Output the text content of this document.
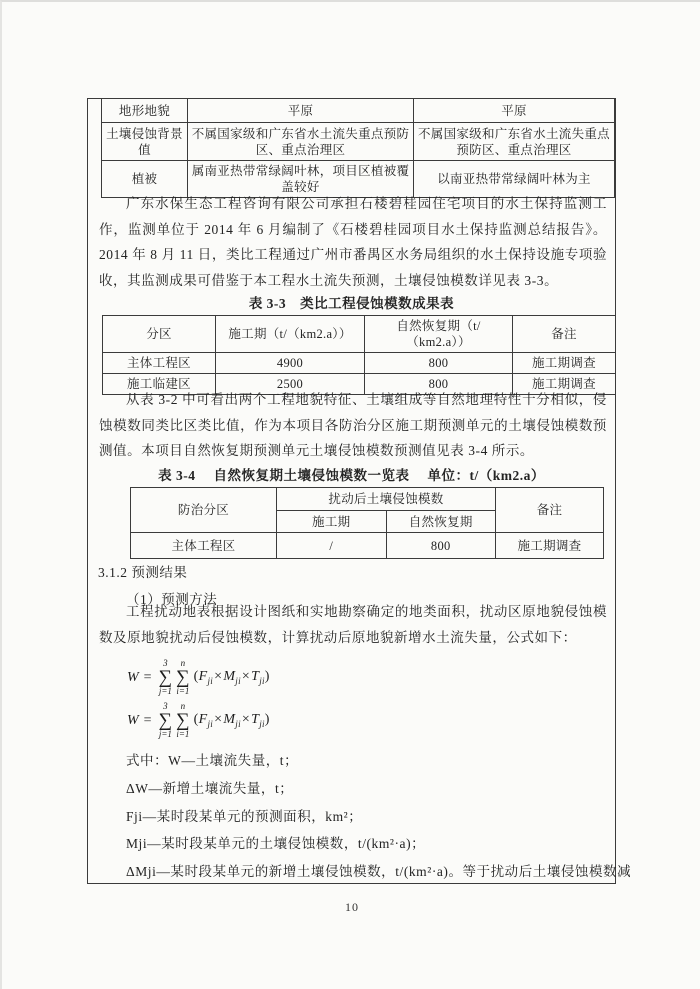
地形地貌	平原	平原
土壤侵蚀背景值	不属国家级和广东省水土流失重点预防区、重点治理区	不属国家级和广东省水土流失重点预防区、重点治理区
植被	属南亚热带常绿阔叶林，项目区植被覆盖较好	以南亚热带常绿阔叶林为主

广东水保生态工程咨询有限公司承担石楼碧桂园住宅项目的水土保持监测工作，监测单位于 2014 年 6 月编制了《石楼碧桂园项目水土保持监测总结报告》。2014 年 8 月 11 日，类比工程通过广州市番禺区水务局组织的水土保持设施专项验收，其监测成果可借鉴于本工程水土流失预测，土壤侵蚀模数详见表 3-3。

表 3-3　类比工程侵蚀模数成果表
分区	施工期（t/（km2.a））	自然恢复期（t/（km2.a））	备注
主体工程区	4900	800	施工期调查
施工临建区	2500	800	施工期调查

从表 3-2 中可看出两个工程地貌特征、土壤组成等自然地理特性十分相似，侵蚀模数同类比区类比值，作为本项目各防治分区施工期预测单元的土壤侵蚀模数预测值。本项目自然恢复期预测单元土壤侵蚀模数预测值见表 3-4 所示。

表 3-4 自然恢复期土壤侵蚀模数一览表 单位：t/（km2.a）
防治分区	扰动后土壤侵蚀模数		备注
	施工期	自然恢复期	
主体工程区	/	800	施工期调查
3.1.2 预测结果
（1）预测方法

工程扰动地表根据设计图纸和实地勘察确定的地类面积，扰动区原地貌侵蚀模数及原地貌扰动后侵蚀模数，计算扰动后原地貌新增水土流失量，公式如下：

W =
3
∑
j=1
n
∑
i=1
$(F_{ji}\times M_{ji}\times T_{ji})$
W =
3
∑
j=1
n
∑
i=1
$(F_{ji}\times M_{ji}\times T_{ji})$

式中：W—土壤流失量，t；

ΔW—新增土壤流失量，t；

Fji—某时段某单元的预测面积，km²；

Mji—某时段某单元的土壤侵蚀模数，t/(km²·a)；

ΔMji—某时段某单元的新增土壤侵蚀模数，t/(km²·a)。等于扰动后土壤侵蚀模数减

10
